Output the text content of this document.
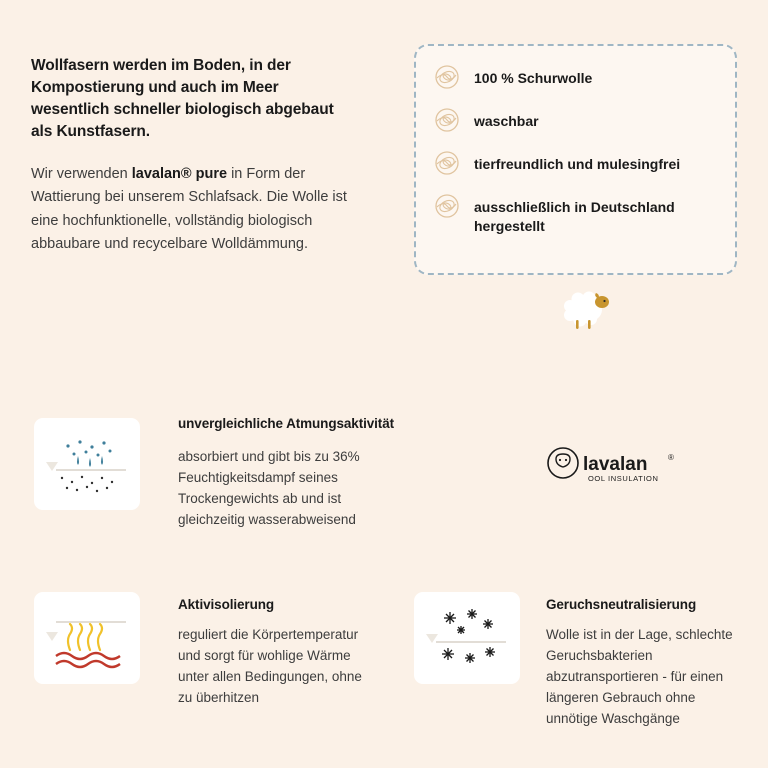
Wollfasern werden im Boden, in der Kompostierung und auch im Meer wesentlich schneller biologisch abgebaut als Kunstfasern.
Wir verwenden lavalan® pure in Form der Wattierung bei unserem Schlafsack. Die Wolle ist eine hochfunktionelle, vollständig biologisch abbaubare und recycelbare Wolldämmung.
100 % Schurwolle
waschbar
tierfreundlich und mulesingfrei
ausschließlich in Deutschland hergestellt
unvergleichliche Atmungsaktivität
absorbiert und gibt bis zu 36% Feuchtigkeitsdampf seines Trockengewichts ab und ist gleichzeitig wasserabweisend
Aktivisolierung
reguliert die Körpertemperatur und sorgt für wohlige Wärme unter allen Bedingungen, ohne zu überhitzen
Geruchsneutralisierung
Wolle ist in der Lage, schlechte Geruchsbakterien abzutransportieren - für einen längeren Gebrauch ohne unnötige Waschgänge
lavalan	®
OOL INSULATION
